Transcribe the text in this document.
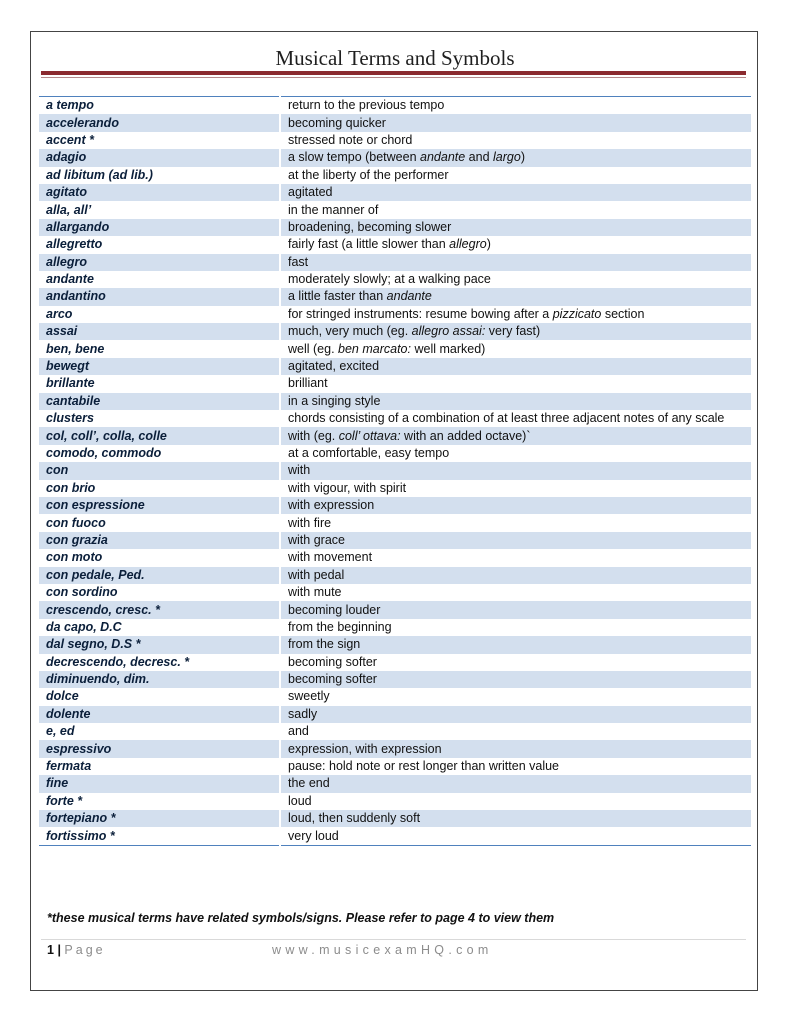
Musical Terms and Symbols
a tempo	return to the previous tempo
accelerando	becoming quicker
accent *	stressed note or chord
adagio	a slow tempo (between andante and largo)
ad libitum (ad lib.)	at the liberty of the performer
agitato	agitated
alla, all’	in the manner of
allargando	broadening, becoming slower
allegretto	fairly fast (a little slower than allegro)
allegro	fast
andante	moderately slowly; at a walking pace
andantino	a little faster than andante
arco	for stringed instruments: resume bowing after a pizzicato section
assai	much, very much (eg. allegro assai: very fast)
ben, bene	well (eg. ben marcato: well marked)
bewegt	agitated, excited
brillante	brilliant
cantabile	in a singing style
clusters	chords consisting of a combination of at least three adjacent notes of any scale
col, coll’, colla, colle	with (eg. coll’ ottava: with an added octave)`
comodo, commodo	at a comfortable, easy tempo
con	with
con brio	with vigour, with spirit
con espressione	with expression
con fuoco	with fire
con grazia	with grace
con moto	with movement
con pedale, Ped.	with pedal
con sordino	with mute
crescendo, cresc. *	becoming louder
da capo, D.C	from the beginning
dal segno, D.S *	from the sign
decrescendo, decresc. *	becoming softer
diminuendo, dim.	becoming softer
dolce	sweetly
dolente	sadly
e, ed	and
espressivo	expression, with expression
fermata	pause: hold note or rest longer than written value
fine	the end
forte *	loud
fortepiano *	loud, then suddenly soft
fortissimo *	very loud
*these musical terms have related symbols/signs. Please refer to page 4 to view them
1 | Page	www.musicexamHQ.com
